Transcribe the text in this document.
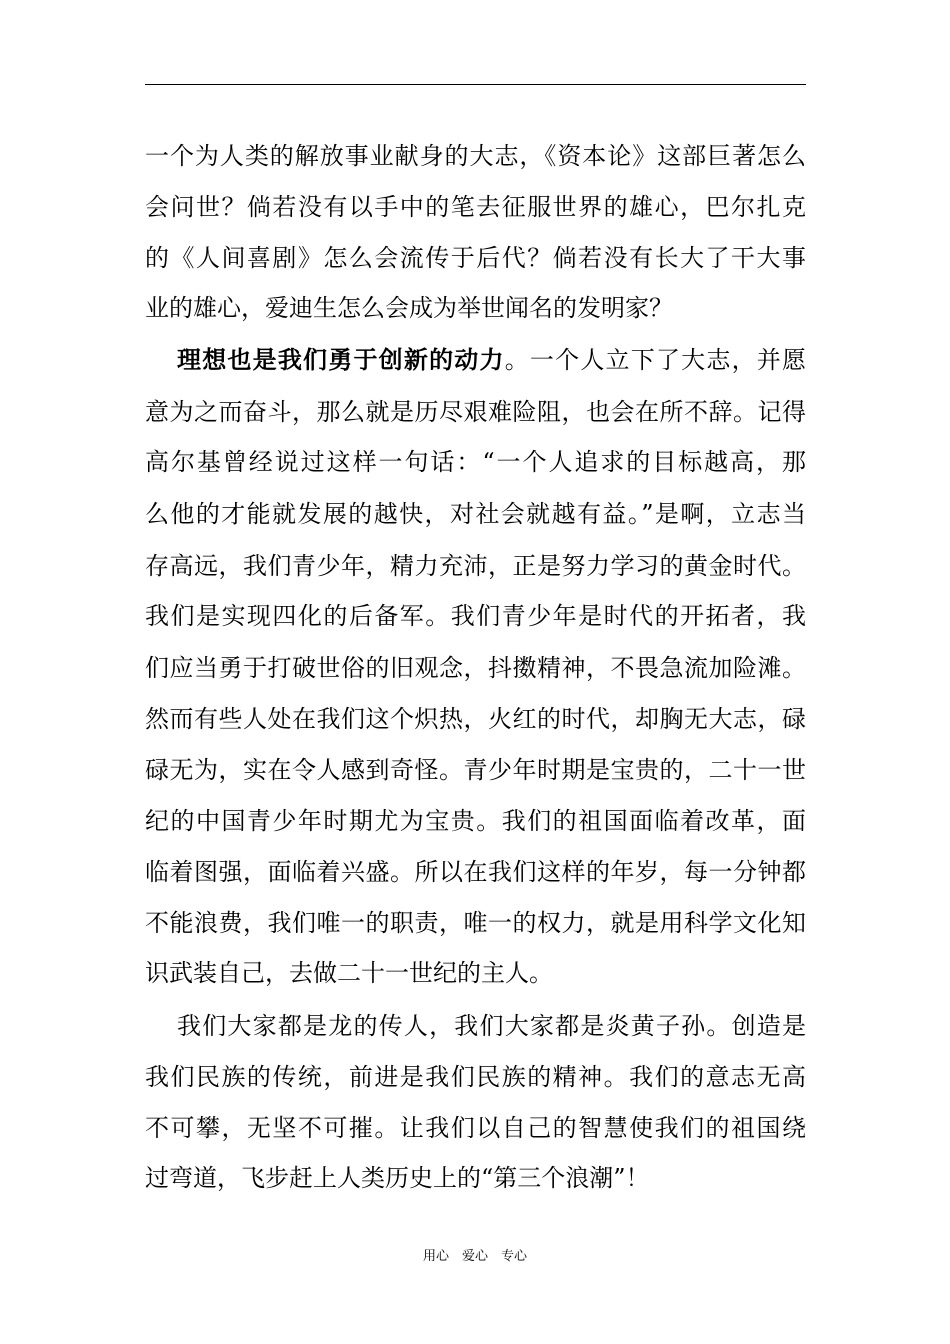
一个为人类的解放事业献身的大志，《资本论》这部巨著怎么
会问世？倘若没有以手中的笔去征服世界的雄心，巴尔扎克
的《人间喜剧》怎么会流传于后代？倘若没有长大了干大事
业的雄心，爱迪生怎么会成为举世闻名的发明家？
理想也是我们勇于创新的动力。一个人立下了大志，并愿
意为之而奋斗，那么就是历尽艰难险阻，也会在所不辞。记得
高尔基曾经说过这样一句话：“一个人追求的目标越高，那
么他的才能就发展的越快，对社会就越有益。”是啊，立志当
存高远，我们青少年，精力充沛，正是努力学习的黄金时代。
我们是实现四化的后备军。我们青少年是时代的开拓者，我
们应当勇于打破世俗的旧观念，抖擞精神，不畏急流加险滩。
然而有些人处在我们这个炽热，火红的时代，却胸无大志，碌
碌无为，实在令人感到奇怪。青少年时期是宝贵的，二十一世
纪的中国青少年时期尤为宝贵。我们的祖国面临着改革，面
临着图强，面临着兴盛。所以在我们这样的年岁，每一分钟都
不能浪费，我们唯一的职责，唯一的权力，就是用科学文化知
识武装自己，去做二十一世纪的主人。
我们大家都是龙的传人，我们大家都是炎黄子孙。创造是
我们民族的传统，前进是我们民族的精神。我们的意志无高
不可攀，无坚不可摧。让我们以自己的智慧使我们的祖国绕
过弯道，飞步赶上人类历史上的“第三个浪潮”！
用心　爱心　专心
